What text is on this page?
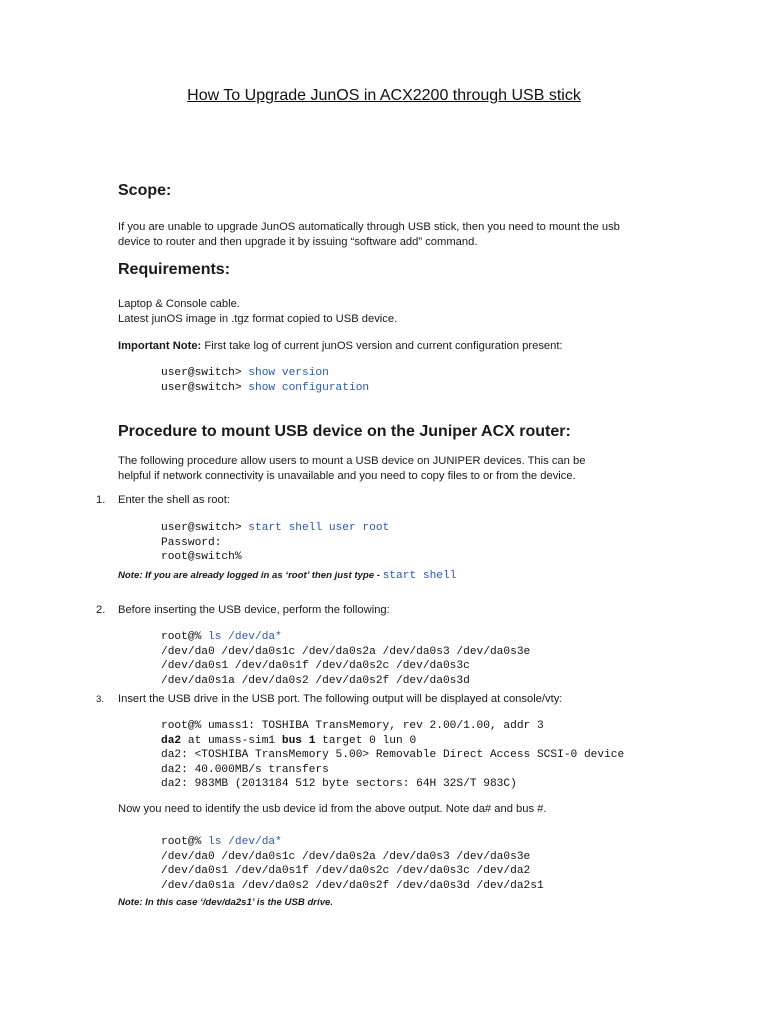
How To Upgrade JunOS in ACX2200 through USB stick
Scope:
If you are unable to upgrade JunOS automatically through USB stick, then you need to mount the usb
device to router and then upgrade it by issuing “software add” command.
Requirements:
Laptop & Console cable.
Latest junOS image in .tgz format copied to USB device.
Important Note: First take log of current junOS version and current configuration present:
user@switch> show version
user@switch> show configuration
Procedure to mount USB device on the Juniper ACX router:
The following procedure allow users to mount a USB device on JUNIPER devices. This can be
helpful if network connectivity is unavailable and you need to copy files to or from the device.
1. Enter the shell as root:
user@switch> start shell user root
Password:
root@switch%
Note: If you are already logged in as ‘root’ then just type - start shell
2. Before inserting the USB device, perform the following:
root@% ls /dev/da*
/dev/da0 /dev/da0s1c /dev/da0s2a /dev/da0s3 /dev/da0s3e
/dev/da0s1 /dev/da0s1f /dev/da0s2c /dev/da0s3c
/dev/da0s1a /dev/da0s2 /dev/da0s2f /dev/da0s3d
3. Insert the USB drive in the USB port. The following output will be displayed at console/vty:
root@% umass1: TOSHIBA TransMemory, rev 2.00/1.00, addr 3
da2 at umass-sim1 bus 1 target 0 lun 0
da2: <TOSHIBA TransMemory 5.00> Removable Direct Access SCSI-0 device
da2: 40.000MB/s transfers
da2: 983MB (2013184 512 byte sectors: 64H 32S/T 983C)
Now you need to identify the usb device id from the above output. Note da# and bus #.
root@% ls /dev/da*
/dev/da0 /dev/da0s1c /dev/da0s2a /dev/da0s3 /dev/da0s3e
/dev/da0s1 /dev/da0s1f /dev/da0s2c /dev/da0s3c /dev/da2
/dev/da0s1a /dev/da0s2 /dev/da0s2f /dev/da0s3d /dev/da2s1
Note: In this case ‘/dev/da2s1’ is the USB drive.
